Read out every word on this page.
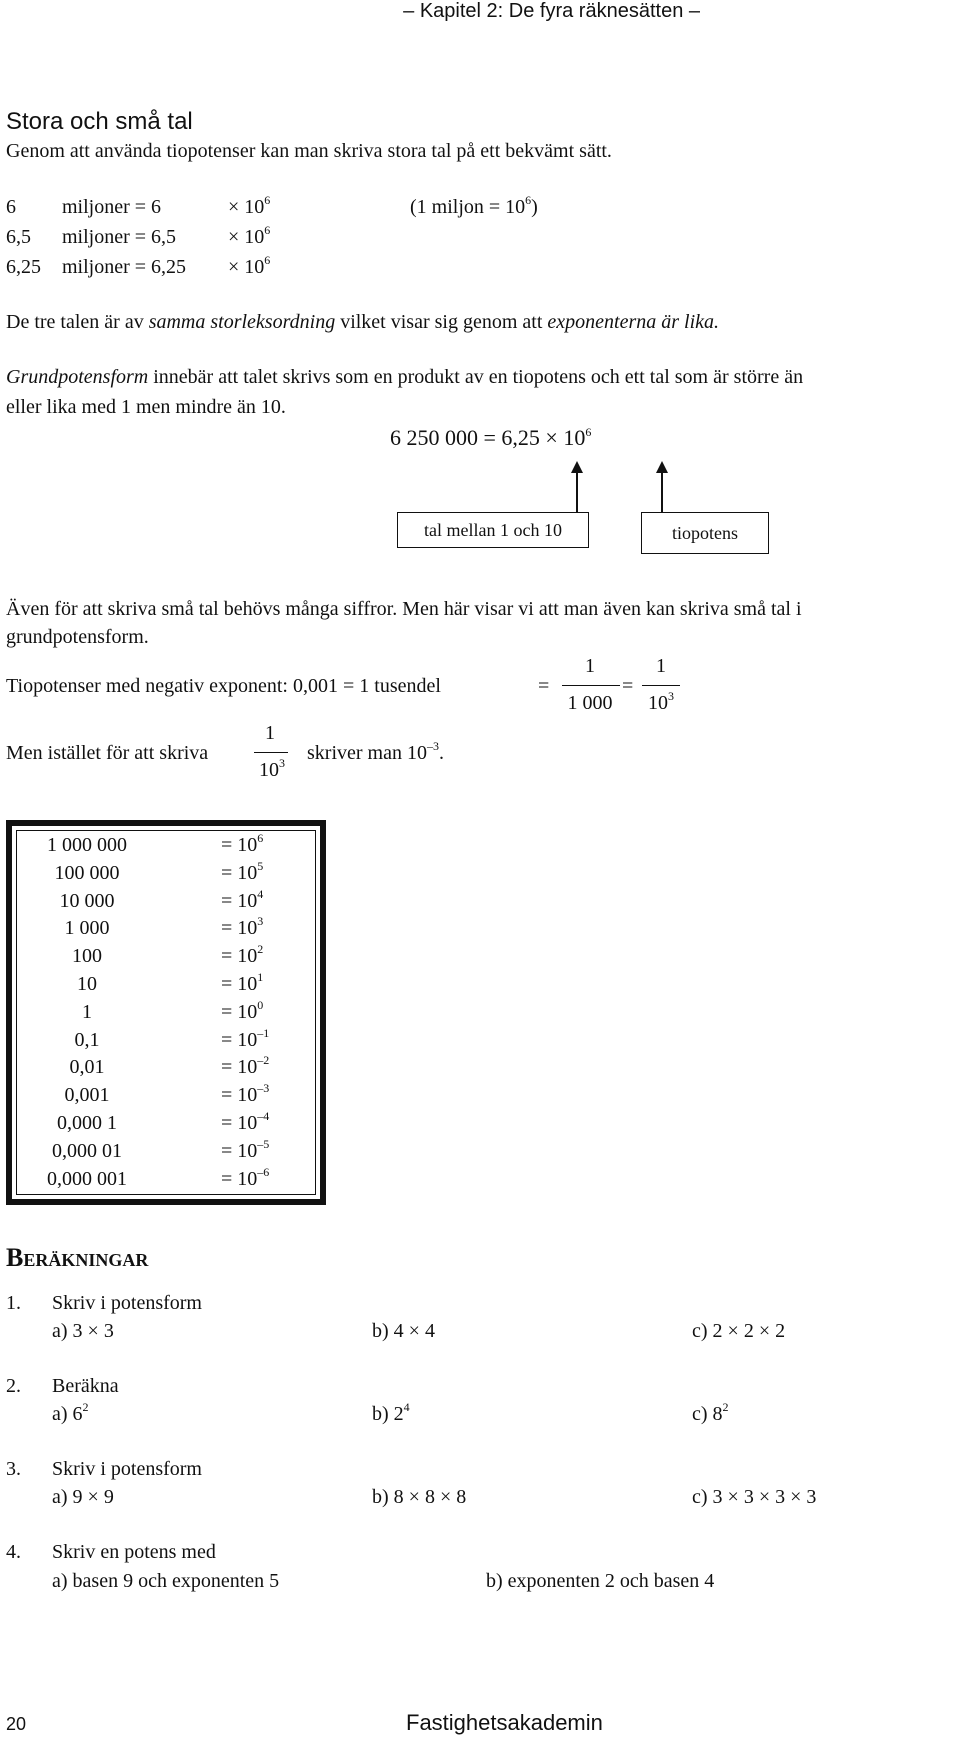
– Kapitel 2: De fyra räknesätten –
Stora och små tal
Genom att använda tiopotenser kan man skriva stora tal på ett bekvämt sätt.
6 miljoner = 6	× $10^6$	(1 miljon = $10^6$)
6,5 miljoner = 6,5	× $10^6$
6,25 miljoner = $6,25 \times 10^6$
De tre talen är av samma storleksordning vilket visar sig genom att exponenterna är lika.
Grundpotensform innebär att talet skrivs som en produkt av en tiopotens och ett tal som är större än
eller lika med 1 men mindre än 10.
6 250 $000 = 6,25 \times 10^6$
tal mellan 1 och 10	tiopotens
Även för att skriva små tal behövs många siffror. Men här visar vi att man även kan skriva små tal i
grundpotensform.
Tiopotenser med negativ exponent: 0,001 = 1 tusendel	=
1
1 000
=
1
$10^3$
Men istället för att skriva
1
$10^3$	skriver man $10^{-3}$.
1 000 000	= $10^6$
100 000	= $10^5$
10 000	= $10^4$
1 000	= $10^3$
100	= $10^2$
10	= $10^1$
1	= $10^0$
0,1	= $10^{-1}$
0,01	= $10^{-2}$
0,001	= $10^{-3}$
0,000 1	= $10^{-4}$
0,000 01	= $10^{-5}$
0,000 001	= $10^{-6}$
Beräkningar
1. Skriv i potensform
a) 3 × 3	b) 4 × 4	c) 2 × 2 × 2
2. Beräkna
a) $6^2$	b) $2^4$	c) $8^2$
3. Skriv i potensform
a) 9 × 9	b) 8 × 8 × 8	c) 3 × 3 × 3 × 3
4. Skriv en potens med
a) basen 9 och exponenten 5	b) exponenten 2 och basen 4
20	Fastighetsakademin
